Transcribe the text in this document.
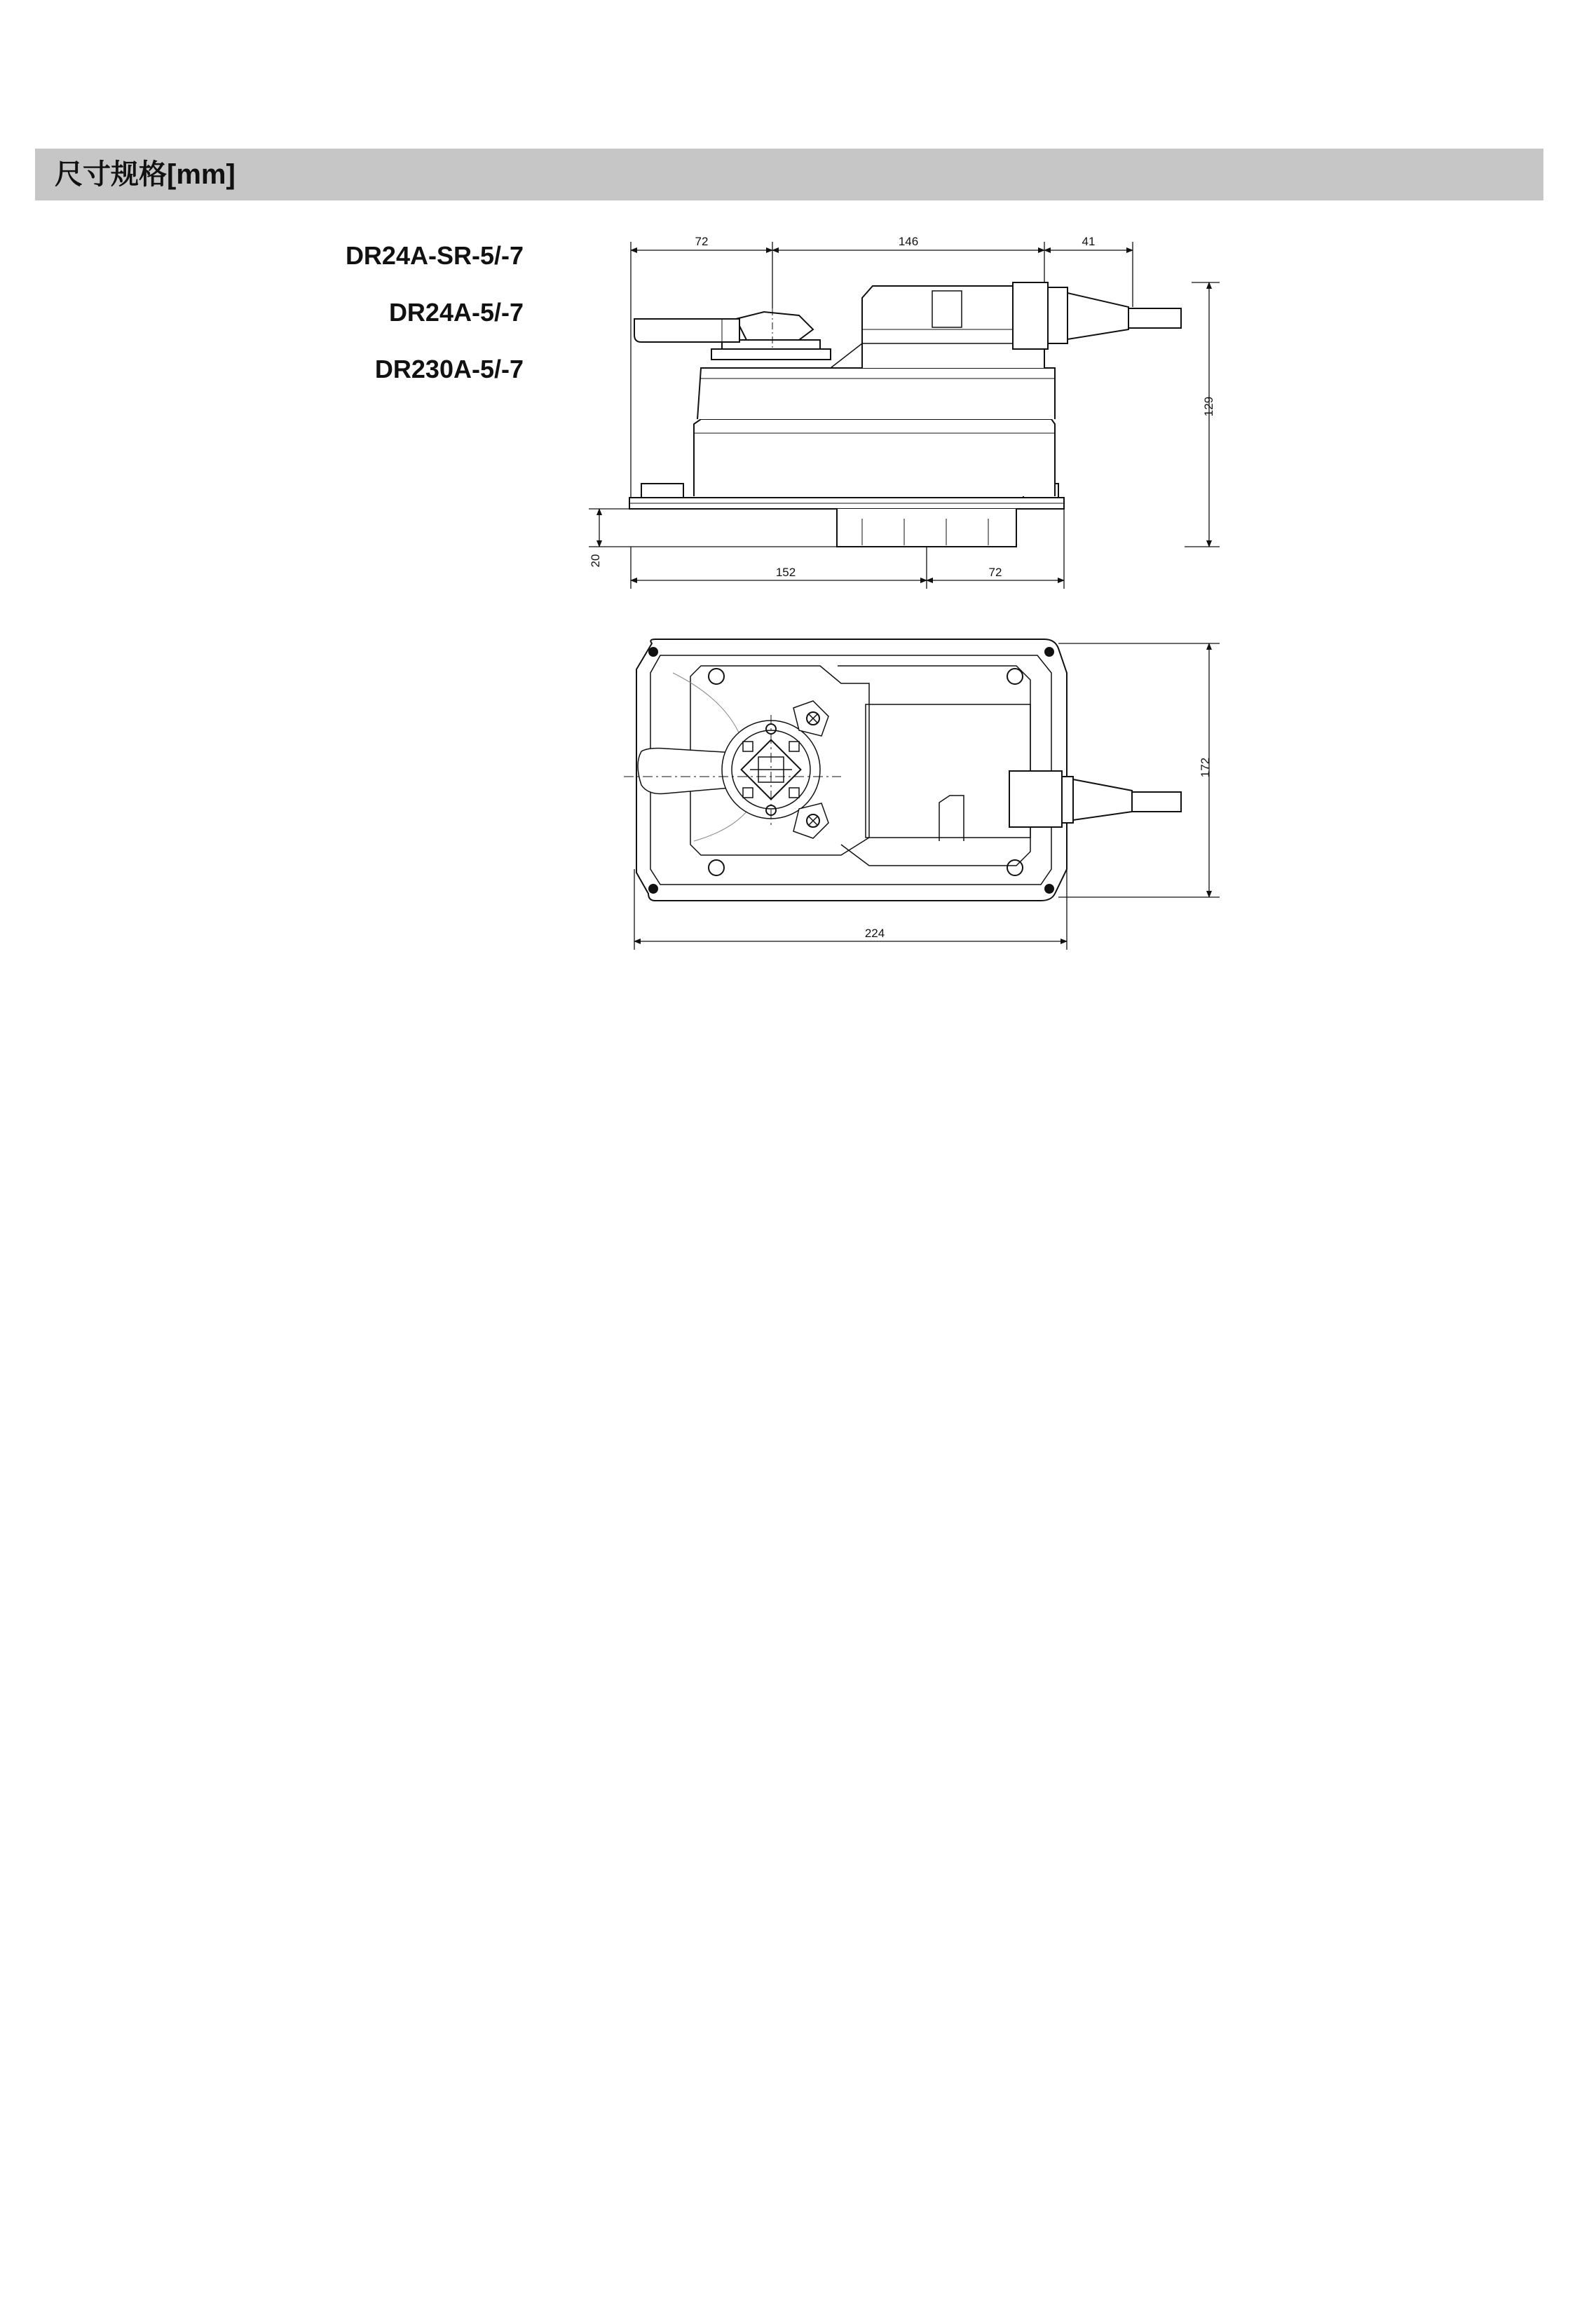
尺寸规格[mm]
DR24A-SR-5/-7
DR24A-5/-7
DR230A-5/-7
72	146	41
129
20
152	72
172
224
